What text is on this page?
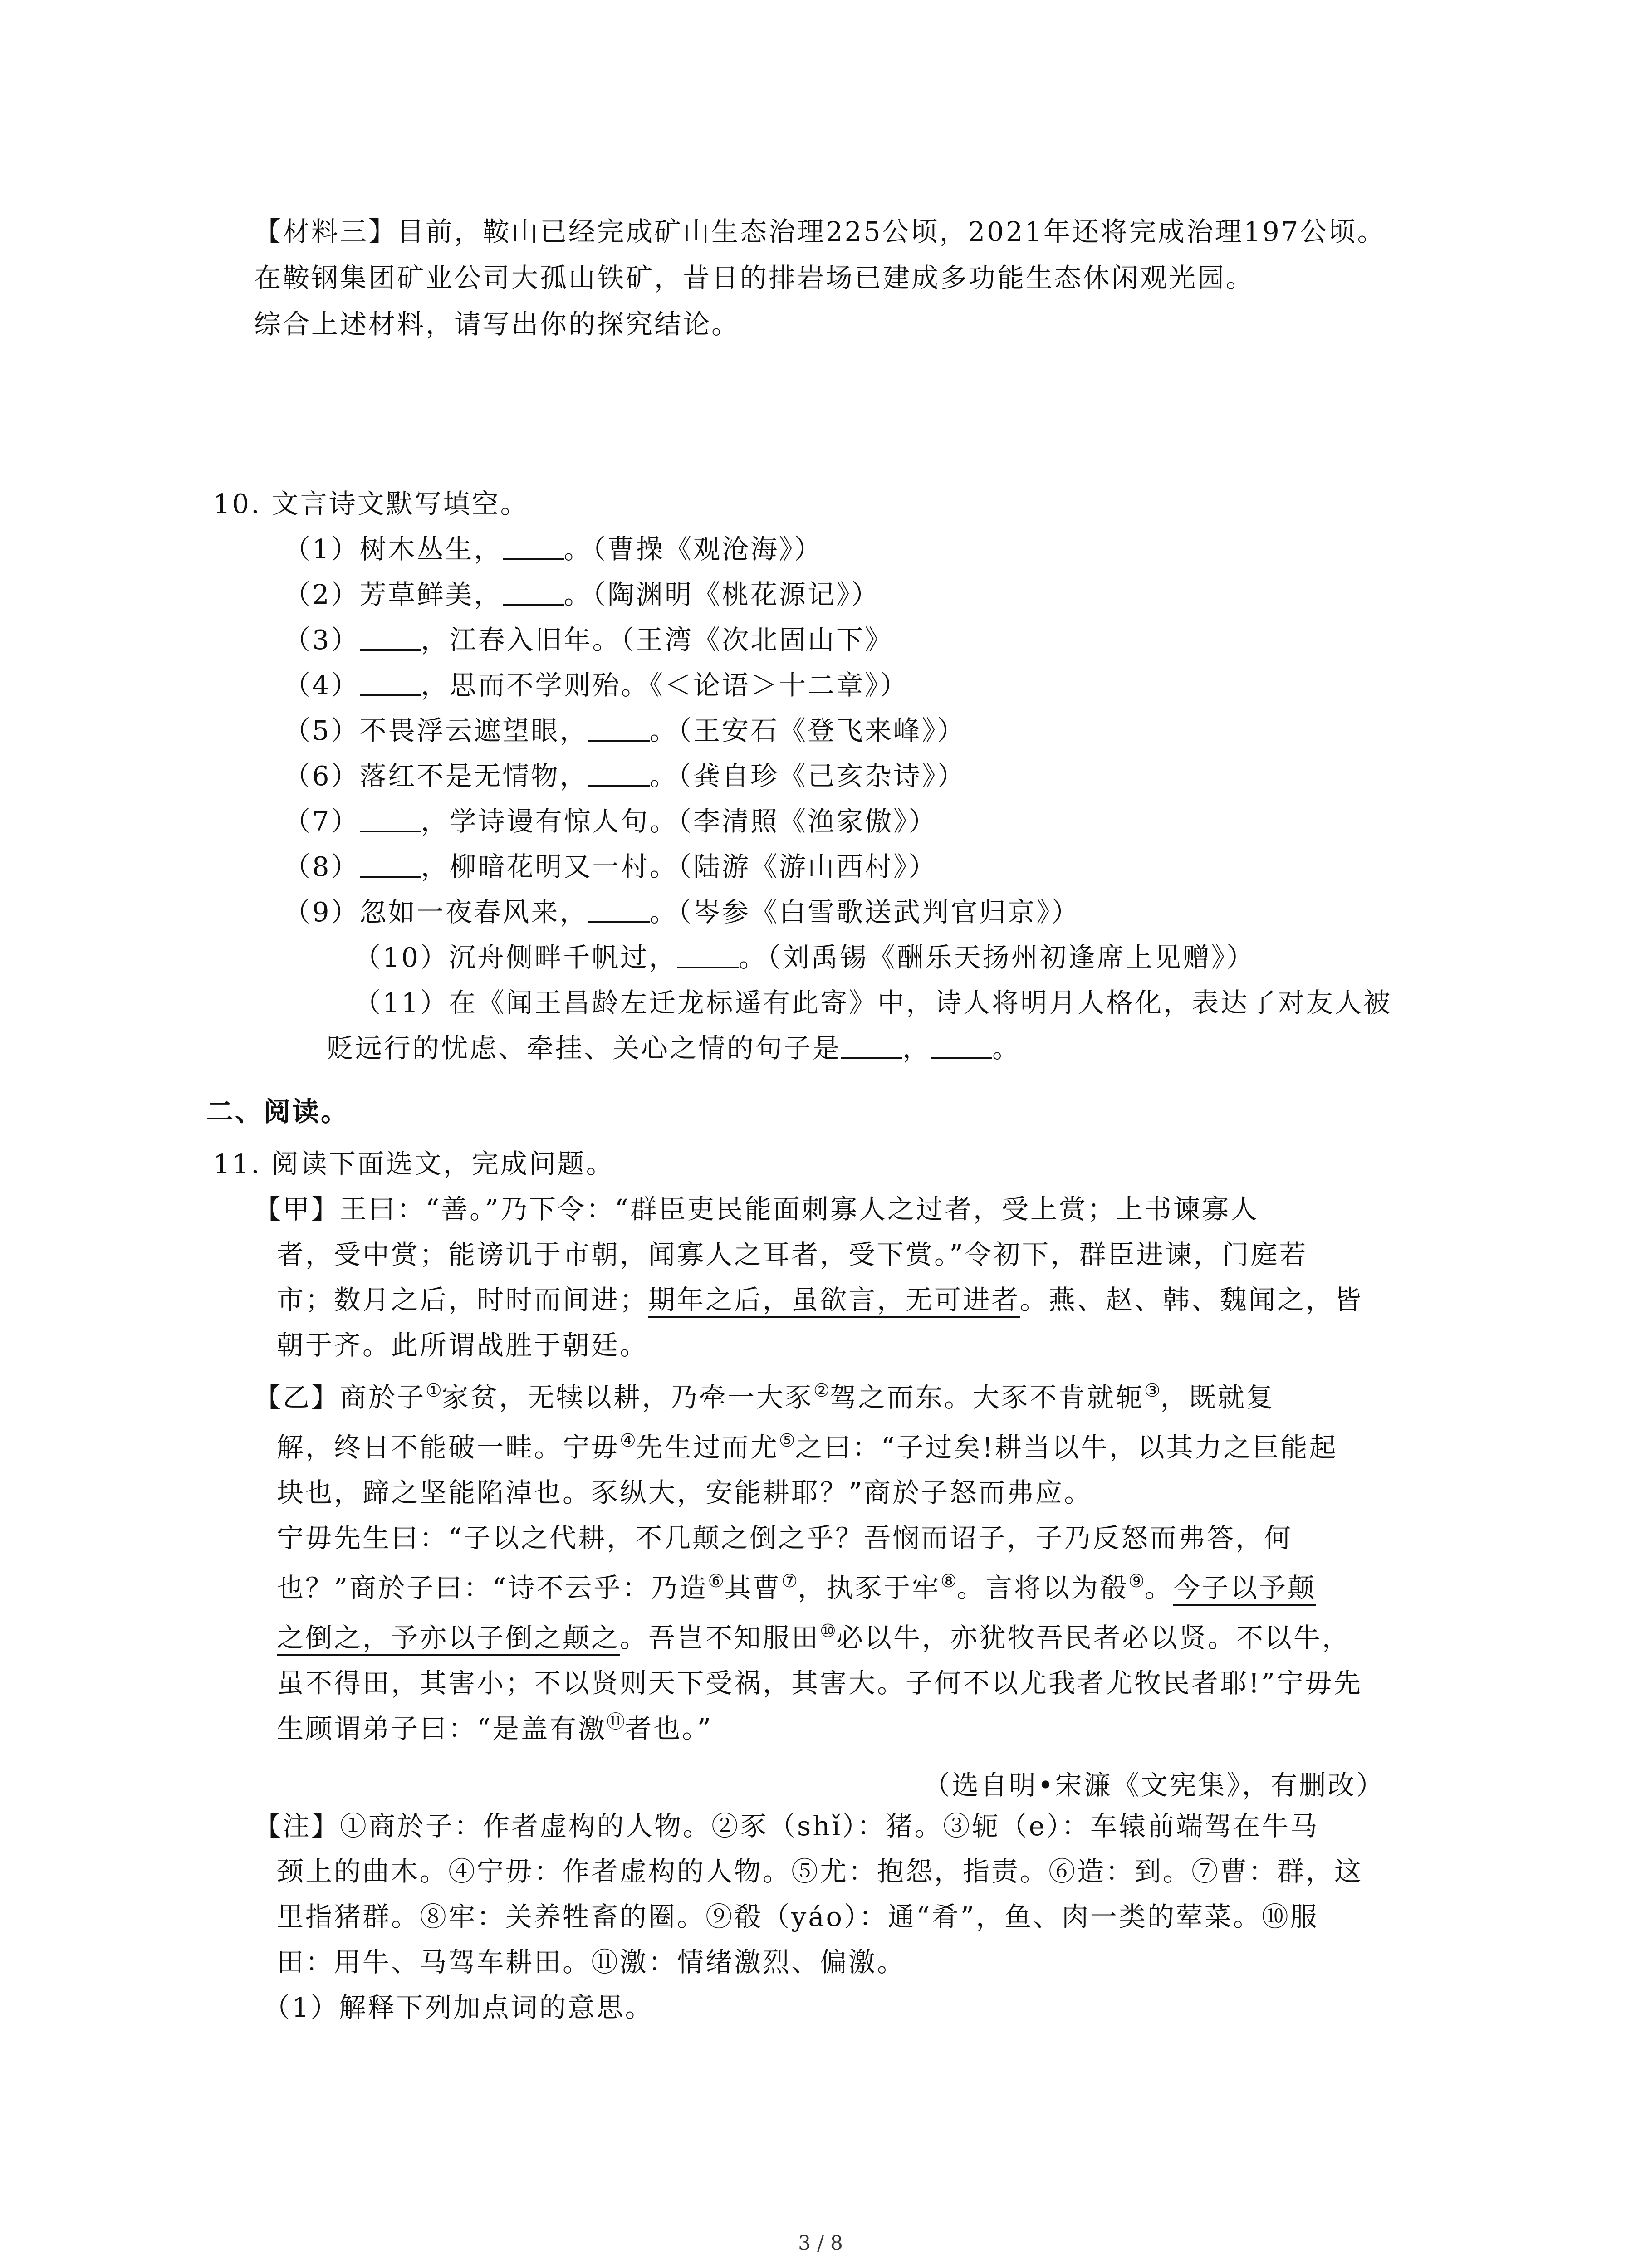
【材料三】目前，鞍山已经完成矿山生态治理225公顷，2021年还将完成治理197公顷。
在鞍钢集团矿业公司大孤山铁矿，昔日的排岩场已建成多功能生态休闲观光园。
综合上述材料，请写出你的探究结论。
10. 文言诗文默写填空。
（1）树木丛生， 。（曹操《观沧海》）
（2）芳草鲜美， 。（陶渊明《桃花源记》）
（3） ，江春入旧年。（王湾《次北固山下》
（4） ，思而不学则殆。《＜论语＞十二章》）
（5）不畏浮云遮望眼， 。（王安石《登飞来峰》）
（6）落红不是无情物， 。（龚自珍《己亥杂诗》）
（7） ，学诗谩有惊人句。（李清照《渔家傲》）
（8） ，柳暗花明又一村。（陆游《游山西村》）
（9）忽如一夜春风来， 。（岑参《白雪歌送武判官归京》）
（10）沉舟侧畔千帆过， 。（刘禹锡《酬乐天扬州初逢席上见赠》）
（11）在《闻王昌龄左迁龙标遥有此寄》中，诗人将明月人格化，表达了对友人被
贬远行的忧虑、牵挂、关心之情的句子是 ， 。
二、阅读。
11. 阅读下面选文，完成问题。
【甲】王曰：“善。”乃下令：“群臣吏民能面刺寡人之过者，受上赏；上书谏寡人
者，受中赏；能谤讥于市朝，闻寡人之耳者，受下赏。”令初下，群臣进谏，门庭若
市；数月之后，时时而间进；期年之后，虽欲言，无可进者。燕、赵、韩、魏闻之，皆
朝于齐。此所谓战胜于朝廷。
【乙】商於子①家贫，无犊以耕，乃牵一大豕②驾之而东。大豕不肯就轭③，既就复
解，终日不能破一畦。宁毋④先生过而尤⑤之曰：“子过矣!耕当以牛，以其力之巨能起
块也，蹄之坚能陷淖也。豕纵大，安能耕耶？”商於子怒而弗应。
宁毋先生曰：“子以之代耕，不几颠之倒之乎？吾悯而诏子，子乃反怒而弗答，何
也？”商於子曰：“诗不云乎：乃造⑥其曹⑦，执豕于牢⑧。言将以为殽⑨。今子以予颠
之倒之，予亦以子倒之颠之。吾岂不知服田⑩必以牛，亦犹牧吾民者必以贤。不以牛，
虽不得田，其害小；不以贤则天下受祸，其害大。子何不以尤我者尤牧民者耶!”宁毋先
生顾谓弟子曰：“是盖有激⑪者也。”
（选自明•宋濂《文宪集》，有删改）
【注】①商於子：作者虚构的人物。②豕（shǐ）：猪。③轭（e）：车辕前端驾在牛马
颈上的曲木。④宁毋：作者虚构的人物。⑤尤：抱怨，指责。⑥造：到。⑦曹：群，这
里指猪群。⑧牢：关养牲畜的圈。⑨殽（yáo）：通“肴”，鱼、肉一类的荤菜。⑩服
田：用牛、马驾车耕田。⑪激：情绪激烈、偏激。
（1）解释下列加点词的意思。
3 / 8
